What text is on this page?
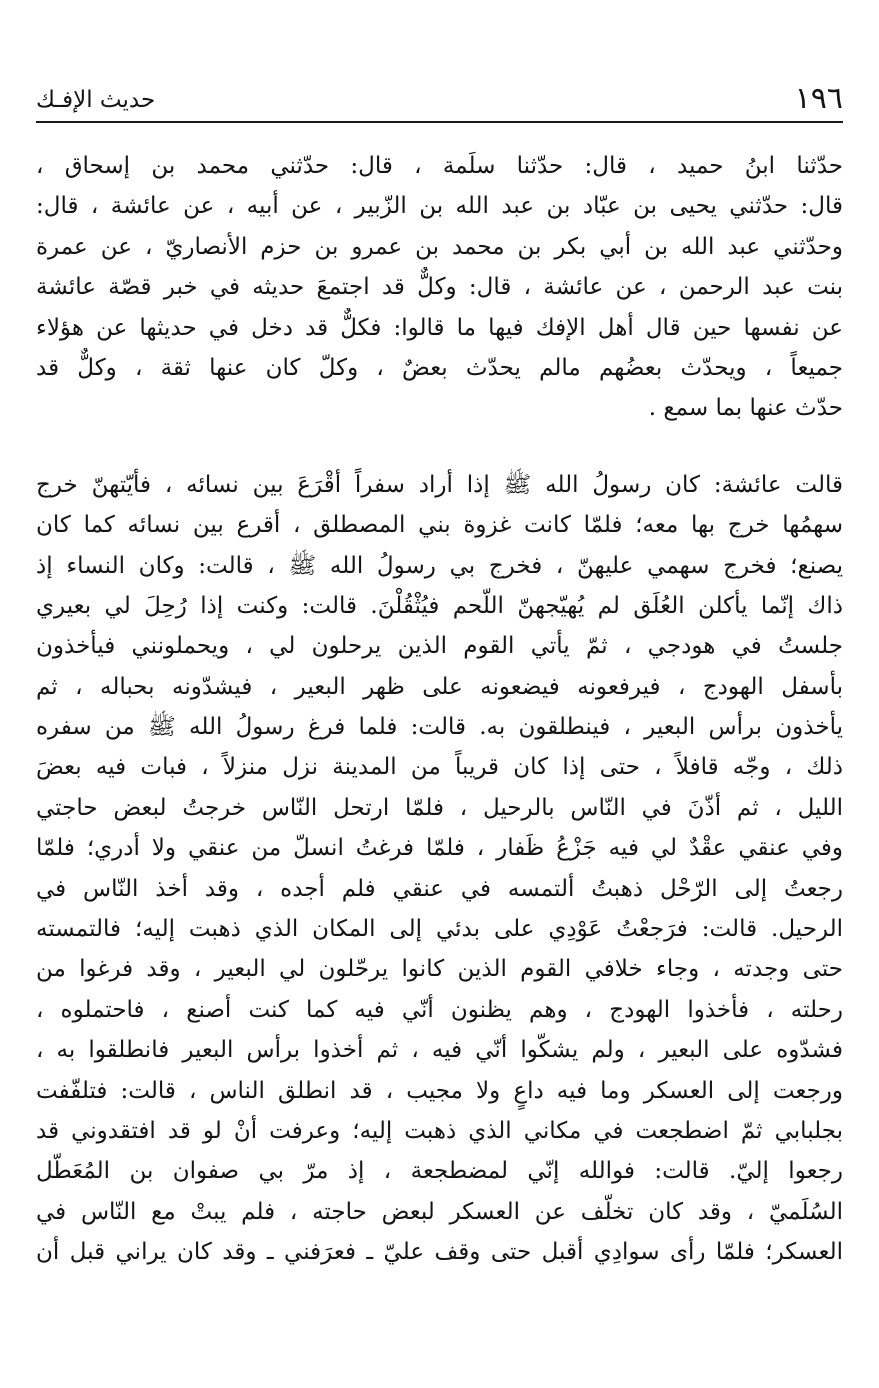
١٩٦
حديث الإفـك
حدّثنا ابنُ حميد ، قال: حدّثنا سلَمة ، قال: حدّثني محمد بن إسحاق ،
قال: حدّثني يحيى بن عبّاد بن عبد الله بن الزّبير ، عن أبيه ، عن عائشة ، قال:
وحدّثني عبد الله بن أبي بكر بن محمد بن عمرو بن حزم الأنصاريّ ، عن عمرة
بنت عبد الرحمن ، عن عائشة ، قال: وكلٌّ قد اجتمعَ حديثه في خبر قصّة عائشة
عن نفسها حين قال أهل الإفك فيها ما قالوا: فكلٌّ قد دخل في حديثها عن هؤلاء
جميعاً ، ويحدّث بعضُهم مالم يحدّث بعضٌ ، وكلّ كان عنها ثقة ، وكلٌّ قد
حدّث عنها بما سمع .
قالت عائشة: كان رسولُ الله ﷺ إذا أراد سفراً أقْرَعَ بين نسائه ، فأيّتهنّ خرج
سهمُها خرج بها معه؛ فلمّا كانت غزوة بني المصطلق ، أقرع بين نسائه كما كان
يصنع؛ فخرج سهمي عليهنّ ، فخرج بي رسولُ الله ﷺ ، قالت: وكان النساء إذ
ذاك إنّما يأكلن العُلَق لم يُهيّجهنّ اللّحم فيُثْقُلْنَ. قالت: وكنت إذا رُحِلَ لي بعيري
جلستُ في هودجي ، ثمّ يأتي القوم الذين يرحلون لي ، ويحملونني فيأخذون
بأسفل الهودج ، فيرفعونه فيضعونه على ظهر البعير ، فيشدّونه بحباله ، ثم
يأخذون برأس البعير ، فينطلقون به. قالت: فلما فرغ رسولُ الله ﷺ من سفره
ذلك ، وجّه قافلاً ، حتى إذا كان قريباً من المدينة نزل منزلاً ، فبات فيه بعضَ
الليل ، ثم أذّنَ في النّاس بالرحيل ، فلمّا ارتحل النّاس خرجتُ لبعض حاجتي
وفي عنقي عقْدٌ لي فيه جَزْعُ ظَفار ، فلمّا فرغتُ انسلّ من عنقي ولا أدري؛ فلمّا
رجعتُ إلى الرّحْل ذهبتُ ألتمسه في عنقي فلم أجده ، وقد أخذ النّاس في
الرحيل. قالت: فرَجعْتُ عَوْدِي على بدئي إلى المكان الذي ذهبت إليه؛ فالتمسته
حتى وجدته ، وجاء خلافي القوم الذين كانوا يرحّلون لي البعير ، وقد فرغوا من
رحلته ، فأخذوا الهودج ، وهم يظنون أنّي فيه كما كنت أصنع ، فاحتملوه ،
فشدّوه على البعير ، ولم يشكّوا أنّي فيه ، ثم أخذوا برأس البعير فانطلقوا به ،
ورجعت إلى العسكر وما فيه داعٍ ولا مجيب ، قد انطلق الناس ، قالت: فتلفّفت
بجلبابي ثمّ اضطجعت في مكاني الذي ذهبت إليه؛ وعرفت أنْ لو قد افتقدوني قد
رجعوا إليّ. قالت: فوالله إنّي لمضطجعة ، إذ مرّ بي صفوان بن المُعَطّل
السُلَميّ ، وقد كان تخلّف عن العسكر لبعض حاجته ، فلم يبتْ مع النّاس في
العسكر؛ فلمّا رأى سوادِي أقبل حتى وقف عليّ ـ فعرَفني ـ وقد كان يراني قبل أن
